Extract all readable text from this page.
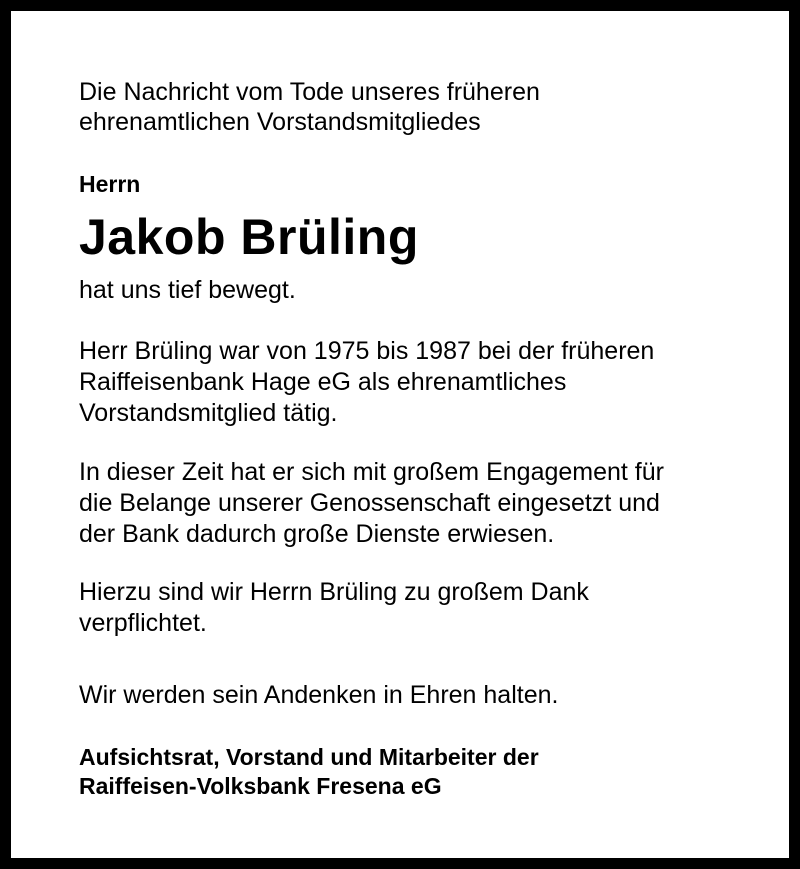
Die Nachricht vom Tode unseres früheren
ehrenamtlichen Vorstandsmitgliedes

Herrn

Jakob Brüling

hat uns tief bewegt.

Herr Brüling war von 1975 bis 1987 bei der früheren
Raiffeisenbank Hage eG als ehrenamtliches
Vorstandsmitglied tätig.

In dieser Zeit hat er sich mit großem Engagement für
die Belange unserer Genossenschaft eingesetzt und
der Bank dadurch große Dienste erwiesen.

Hierzu sind wir Herrn Brüling zu großem Dank
verpflichtet.

Wir werden sein Andenken in Ehren halten.

Aufsichtsrat, Vorstand und Mitarbeiter der
Raiffeisen-Volksbank Fresena eG
